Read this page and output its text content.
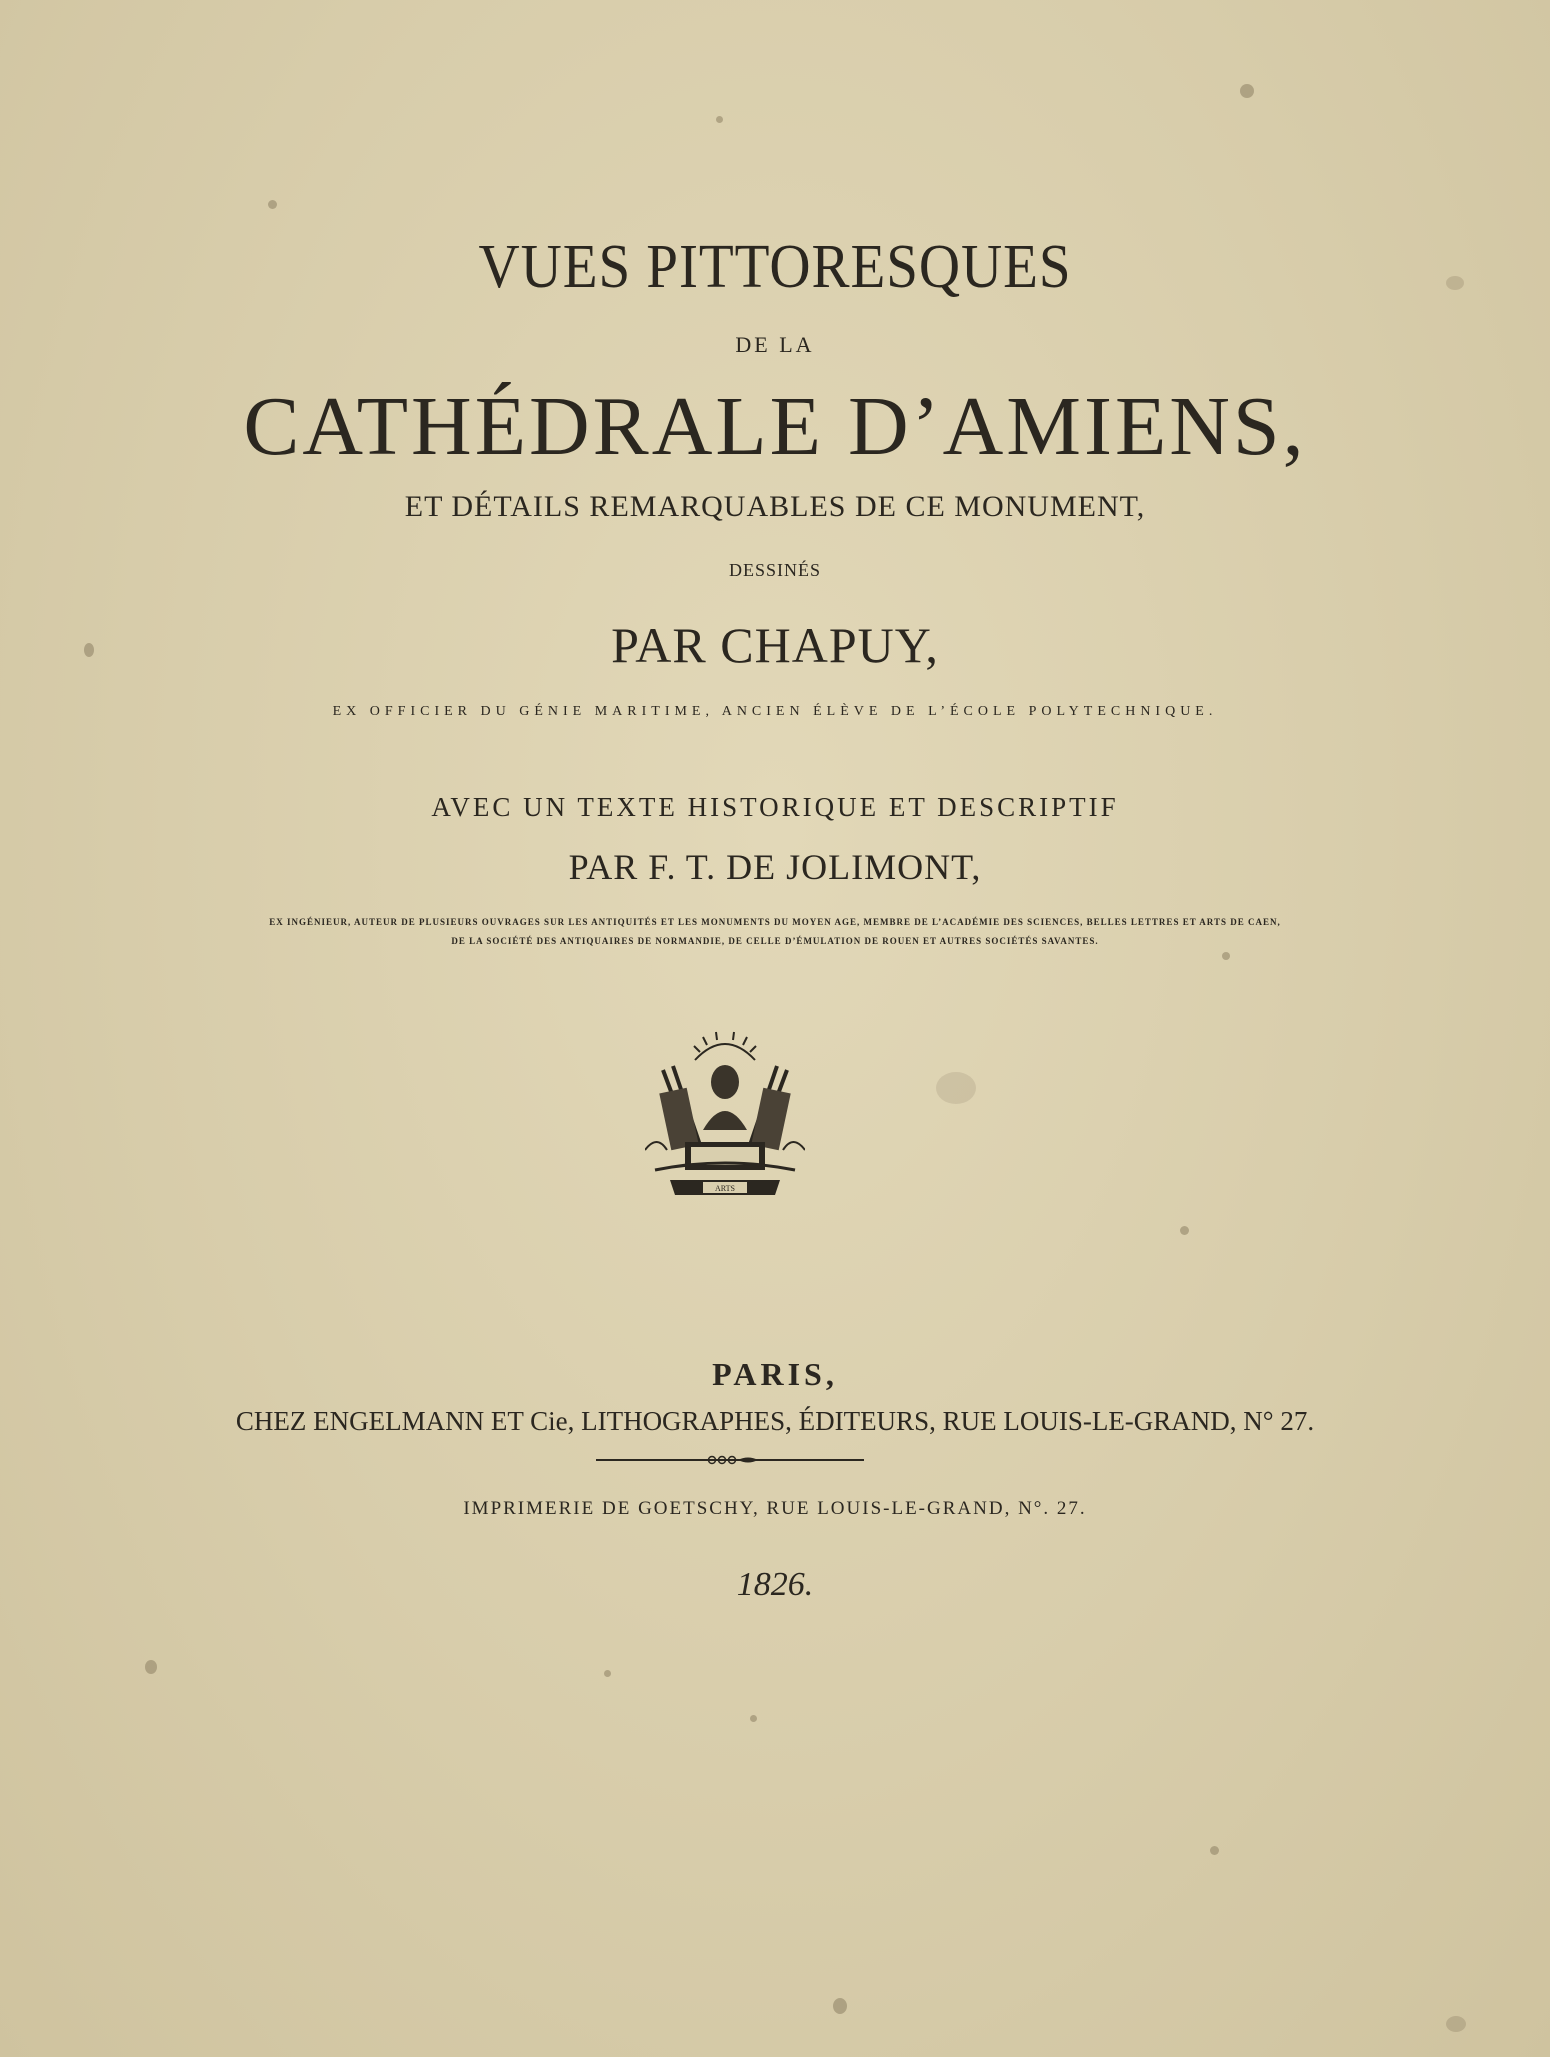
VUES PITTORESQUES
DE LA
CATHÉDRALE D’AMIENS,
ET DÉTAILS REMARQUABLES DE CE MONUMENT,
DESSINÉS
PAR CHAPUY,
EX OFFICIER DU GÉNIE MARITIME, ANCIEN ÉLÈVE DE L’ÉCOLE POLYTECHNIQUE.
AVEC UN TEXTE HISTORIQUE ET DESCRIPTIF
PAR F. T. DE JOLIMONT,
EX INGÉNIEUR, AUTEUR DE PLUSIEURS OUVRAGES SUR LES ANTIQUITÉS ET LES MONUMENTS DU MOYEN AGE, MEMBRE DE L’ACADÉMIE DES SCIENCES, BELLES LETTRES ET ARTS DE CAEN,
DE LA SOCIÉTÉ DES ANTIQUAIRES DE NORMANDIE, DE CELLE D’ÉMULATION DE ROUEN ET AUTRES SOCIÉTÉS SAVANTES.
ARTS
PARIS,
CHEZ ENGELMANN ET Cie, LITHOGRAPHES, ÉDITEURS, RUE LOUIS-LE-GRAND, N° 27.
IMPRIMERIE DE GOETSCHY, RUE LOUIS-LE-GRAND, N°. 27.
1826.
